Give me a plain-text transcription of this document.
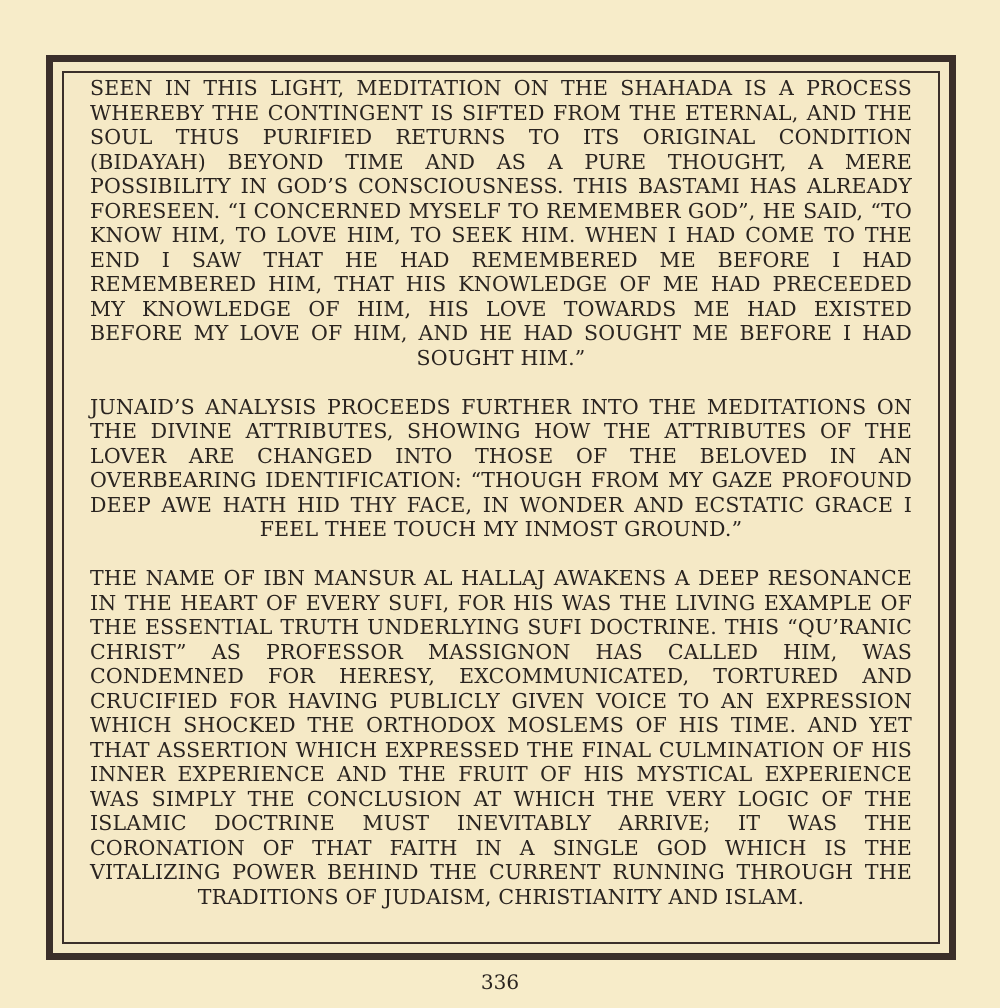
SEEN IN THIS LIGHT, MEDITATION ON THE SHAHADA IS A PROCESS WHEREBY THE CONTINGENT IS SIFTED FROM THE ETERNAL, AND THE SOUL THUS PURIFIED RETURNS TO ITS ORIGINAL CONDITION (BIDAYAH) BEYOND TIME AND AS A PURE THOUGHT, A MERE POSSIBILITY IN GOD’S CONSCIOUSNESS. THIS BASTAMI HAS ALREADY FORESEEN. “I CONCERNED MYSELF TO REMEMBER GOD”, HE SAID, “TO KNOW HIM, TO LOVE HIM, TO SEEK HIM. WHEN I HAD COME TO THE END I SAW THAT HE HAD REMEMBERED ME BEFORE I HAD REMEMBERED HIM, THAT HIS KNOWLEDGE OF ME HAD PRECEEDED MY KNOWLEDGE OF HIM, HIS LOVE TOWARDS ME HAD EXISTED BEFORE MY LOVE OF HIM, AND HE HAD SOUGHT ME BEFORE I HAD SOUGHT HIM.”

JUNAID’S ANALYSIS PROCEEDS FURTHER INTO THE MEDITATIONS ON THE DIVINE ATTRIBUTES, SHOWING HOW THE ATTRIBUTES OF THE LOVER ARE CHANGED INTO THOSE OF THE BELOVED IN AN OVERBEARING IDENTIFICATION: “THOUGH FROM MY GAZE PROFOUND DEEP AWE HATH HID THY FACE, IN WONDER AND ECSTATIC GRACE I FEEL THEE TOUCH MY INMOST GROUND.”

THE NAME OF IBN MANSUR AL HALLAJ AWAKENS A DEEP RESONANCE IN THE HEART OF EVERY SUFI, FOR HIS WAS THE LIVING EXAMPLE OF THE ESSENTIAL TRUTH UNDERLYING SUFI DOCTRINE. THIS “QU’RANIC CHRIST” AS PROFESSOR MASSIGNON HAS CALLED HIM, WAS CONDEMNED FOR HERESY, EXCOMMUNICATED, TORTURED AND CRUCIFIED FOR HAVING PUBLICLY GIVEN VOICE TO AN EXPRESSION WHICH SHOCKED THE ORTHODOX MOSLEMS OF HIS TIME. AND YET THAT ASSERTION WHICH EXPRESSED THE FINAL CULMINATION OF HIS INNER EXPERIENCE AND THE FRUIT OF HIS MYSTICAL EXPERIENCE WAS SIMPLY THE CONCLUSION AT WHICH THE VERY LOGIC OF THE ISLAMIC DOCTRINE MUST INEVITABLY ARRIVE; IT WAS THE CORONATION OF THAT FAITH IN A SINGLE GOD WHICH IS THE VITALIZING POWER BEHIND THE CURRENT RUNNING THROUGH THE TRADITIONS OF JUDAISM, CHRISTIANITY AND ISLAM.

336
